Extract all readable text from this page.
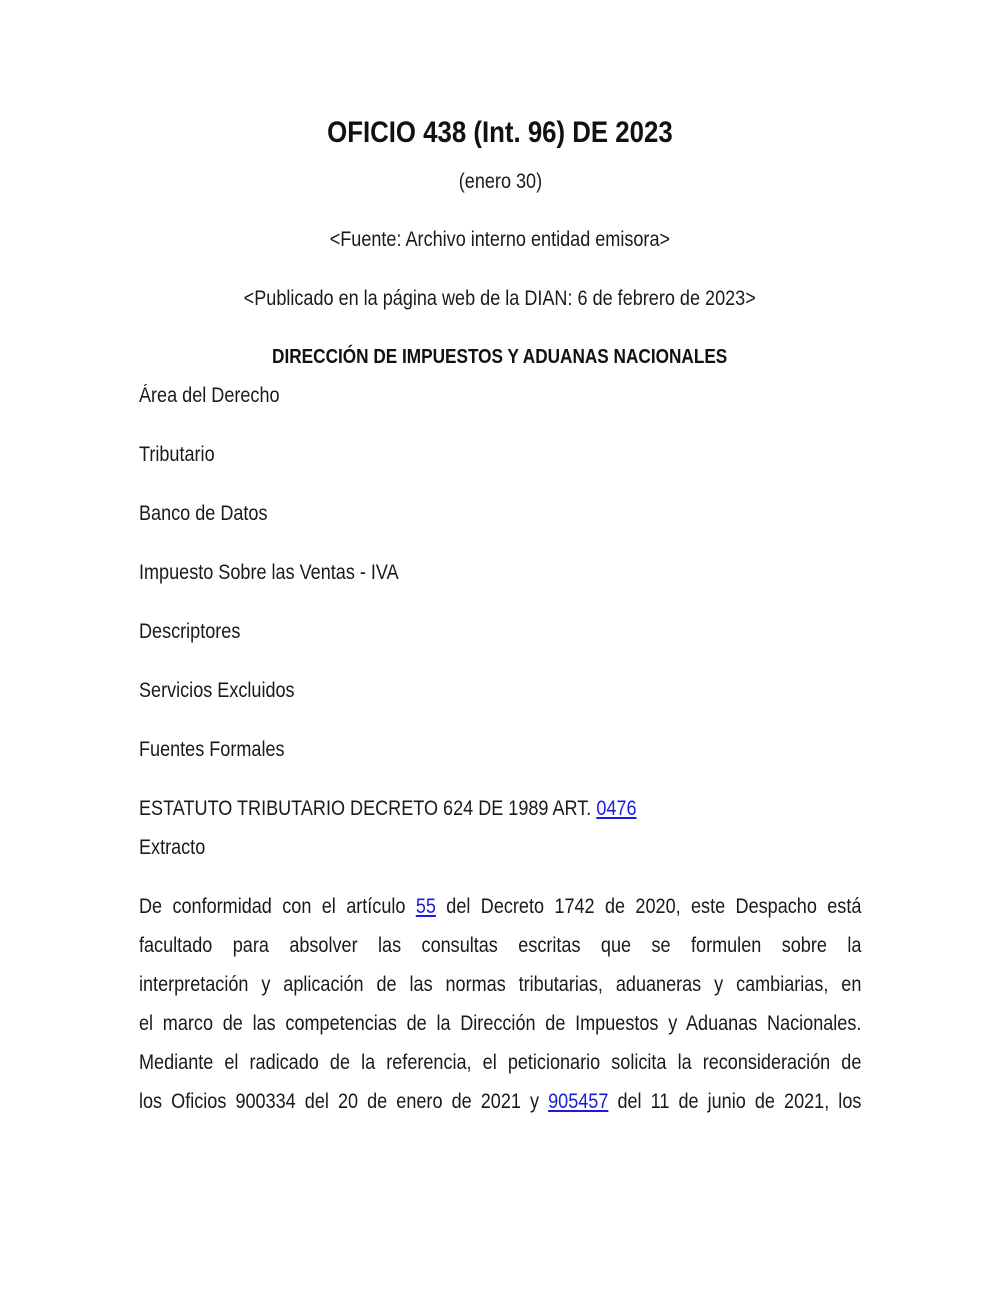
OFICIO 438 (Int. 96) DE 2023
(enero 30)
<Fuente: Archivo interno entidad emisora>
<Publicado en la página web de la DIAN: 6 de febrero de 2023>
DIRECCIÓN DE IMPUESTOS Y ADUANAS NACIONALES
Área del Derecho
Tributario
Banco de Datos
Impuesto Sobre las Ventas - IVA
Descriptores
Servicios Excluidos
Fuentes Formales
ESTATUTO TRIBUTARIO DECRETO 624 DE 1989 ART. 0476
Extracto
De conformidad con el artículo 55 del Decreto 1742 de 2020, este Despacho está
facultado para absolver las consultas escritas que se formulen sobre la
interpretación y aplicación de las normas tributarias, aduaneras y cambiarias, en
el marco de las competencias de la Dirección de Impuestos y Aduanas Nacionales.
Mediante el radicado de la referencia, el peticionario solicita la reconsideración de
los Oficios 900334 del 20 de enero de 2021 y 905457 del 11 de junio de 2021, los
